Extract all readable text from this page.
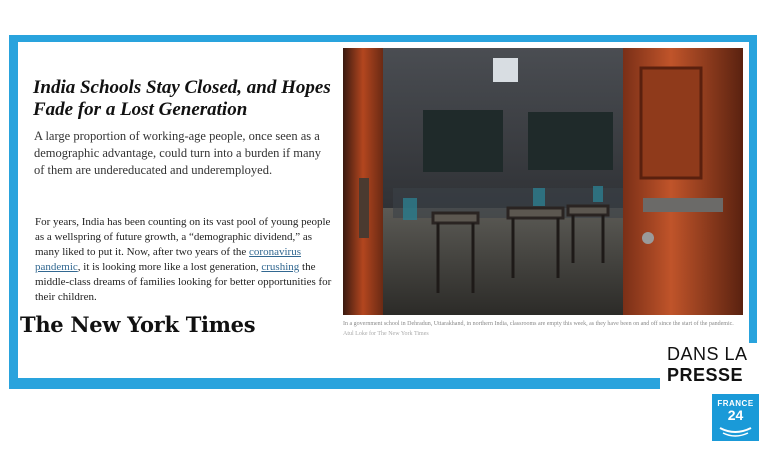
India Schools Stay Closed, and Hopes Fade for a Lost Generation

A large proportion of working-age people, once seen as a demographic advantage, could turn into a burden if many of them are undereducated and underemployed.

For years, India has been counting on its vast pool of young people as a wellspring of future growth, a “demographic dividend,” as many liked to put it. Now, after two years of the coronavirus pandemic, it is looking more like a lost generation, crushing the middle-class dreams of families looking for better opportunities for their children.

The New York Times	In a government school in Dehradun, Uttarakhand, in northern India, classrooms are empty this week, as they have been on and off since the start of the pandemic. Atul Loke for The New York Times

DANS LA
PRESSE
FRANCE
24
